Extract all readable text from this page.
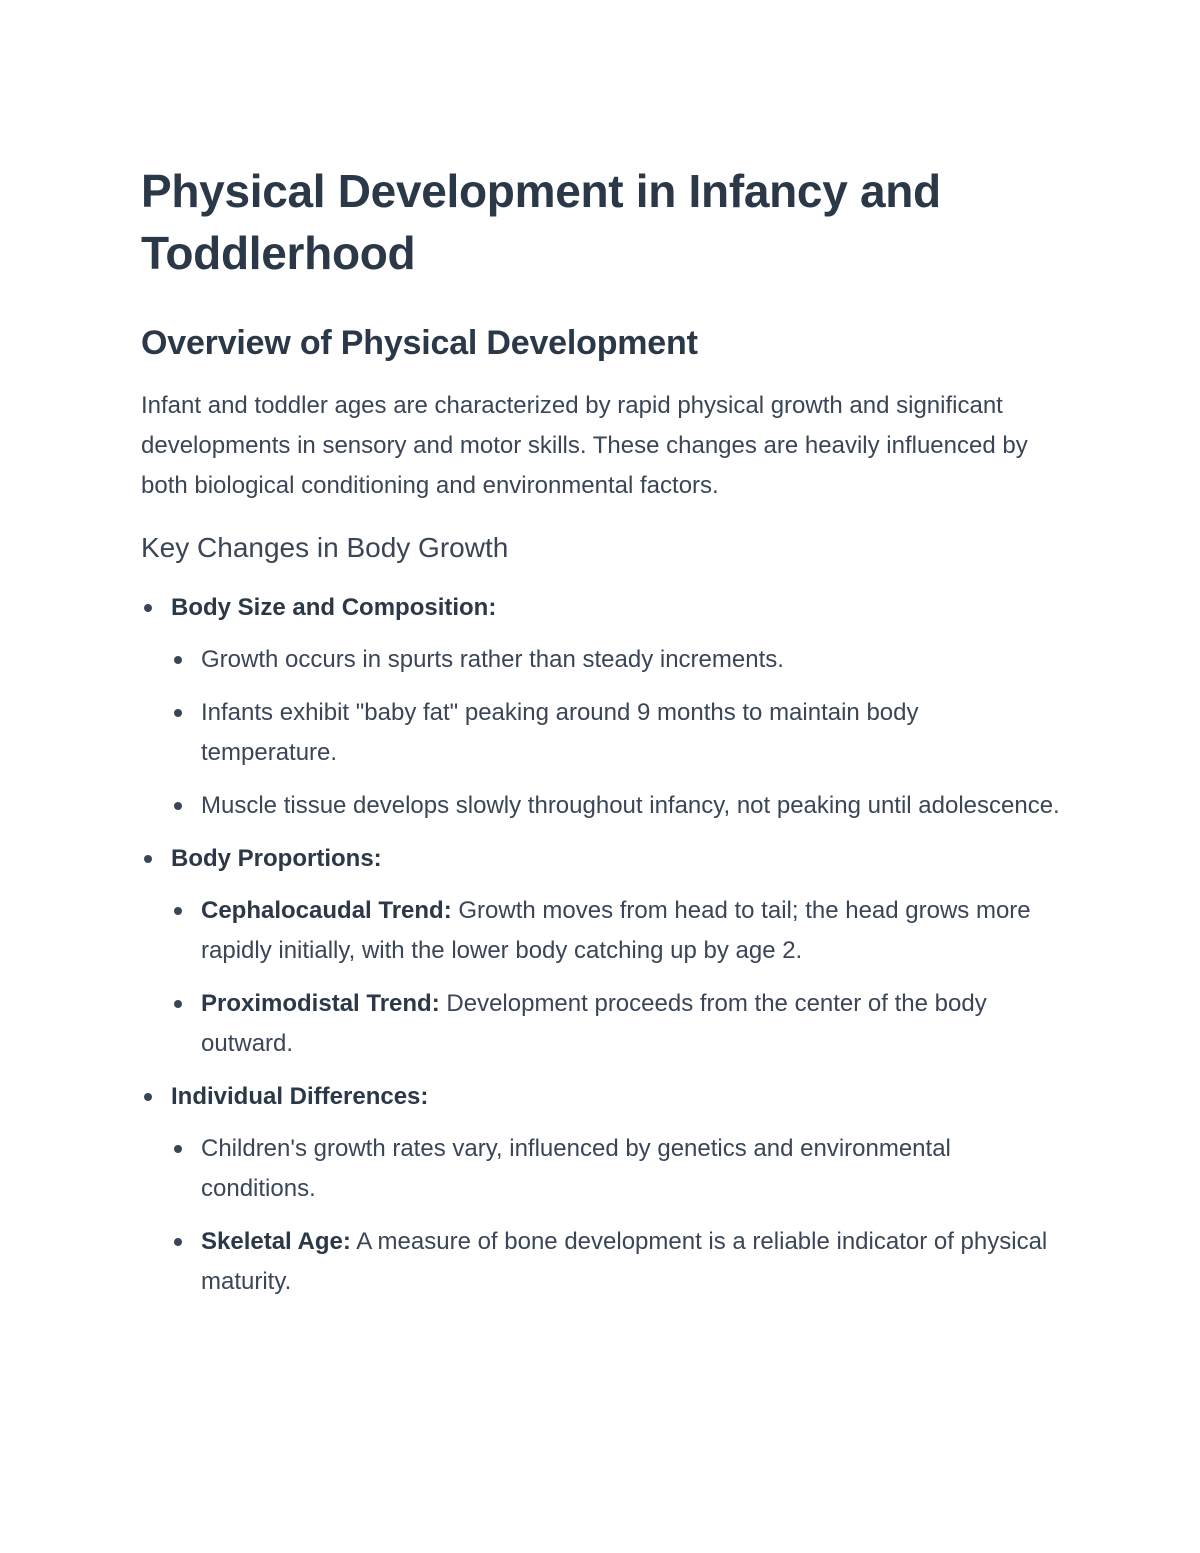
Physical Development in Infancy and Toddlerhood
Overview of Physical Development

Infant and toddler ages are characterized by rapid physical growth and significant developments in sensory and motor skills. These changes are heavily influenced by both biological conditioning and environmental factors.

Key Changes in Body Growth
Body Size and Composition:
Growth occurs in spurts rather than steady increments.
Infants exhibit "baby fat" peaking around 9 months to maintain body temperature.
Muscle tissue develops slowly throughout infancy, not peaking until adolescence.
Body Proportions:
Cephalocaudal Trend: Growth moves from head to tail; the head grows more rapidly initially, with the lower body catching up by age 2.
Proximodistal Trend: Development proceeds from the center of the body outward.
Individual Differences:
Children's growth rates vary, influenced by genetics and environmental conditions.
Skeletal Age: A measure of bone development is a reliable indicator of physical maturity.
